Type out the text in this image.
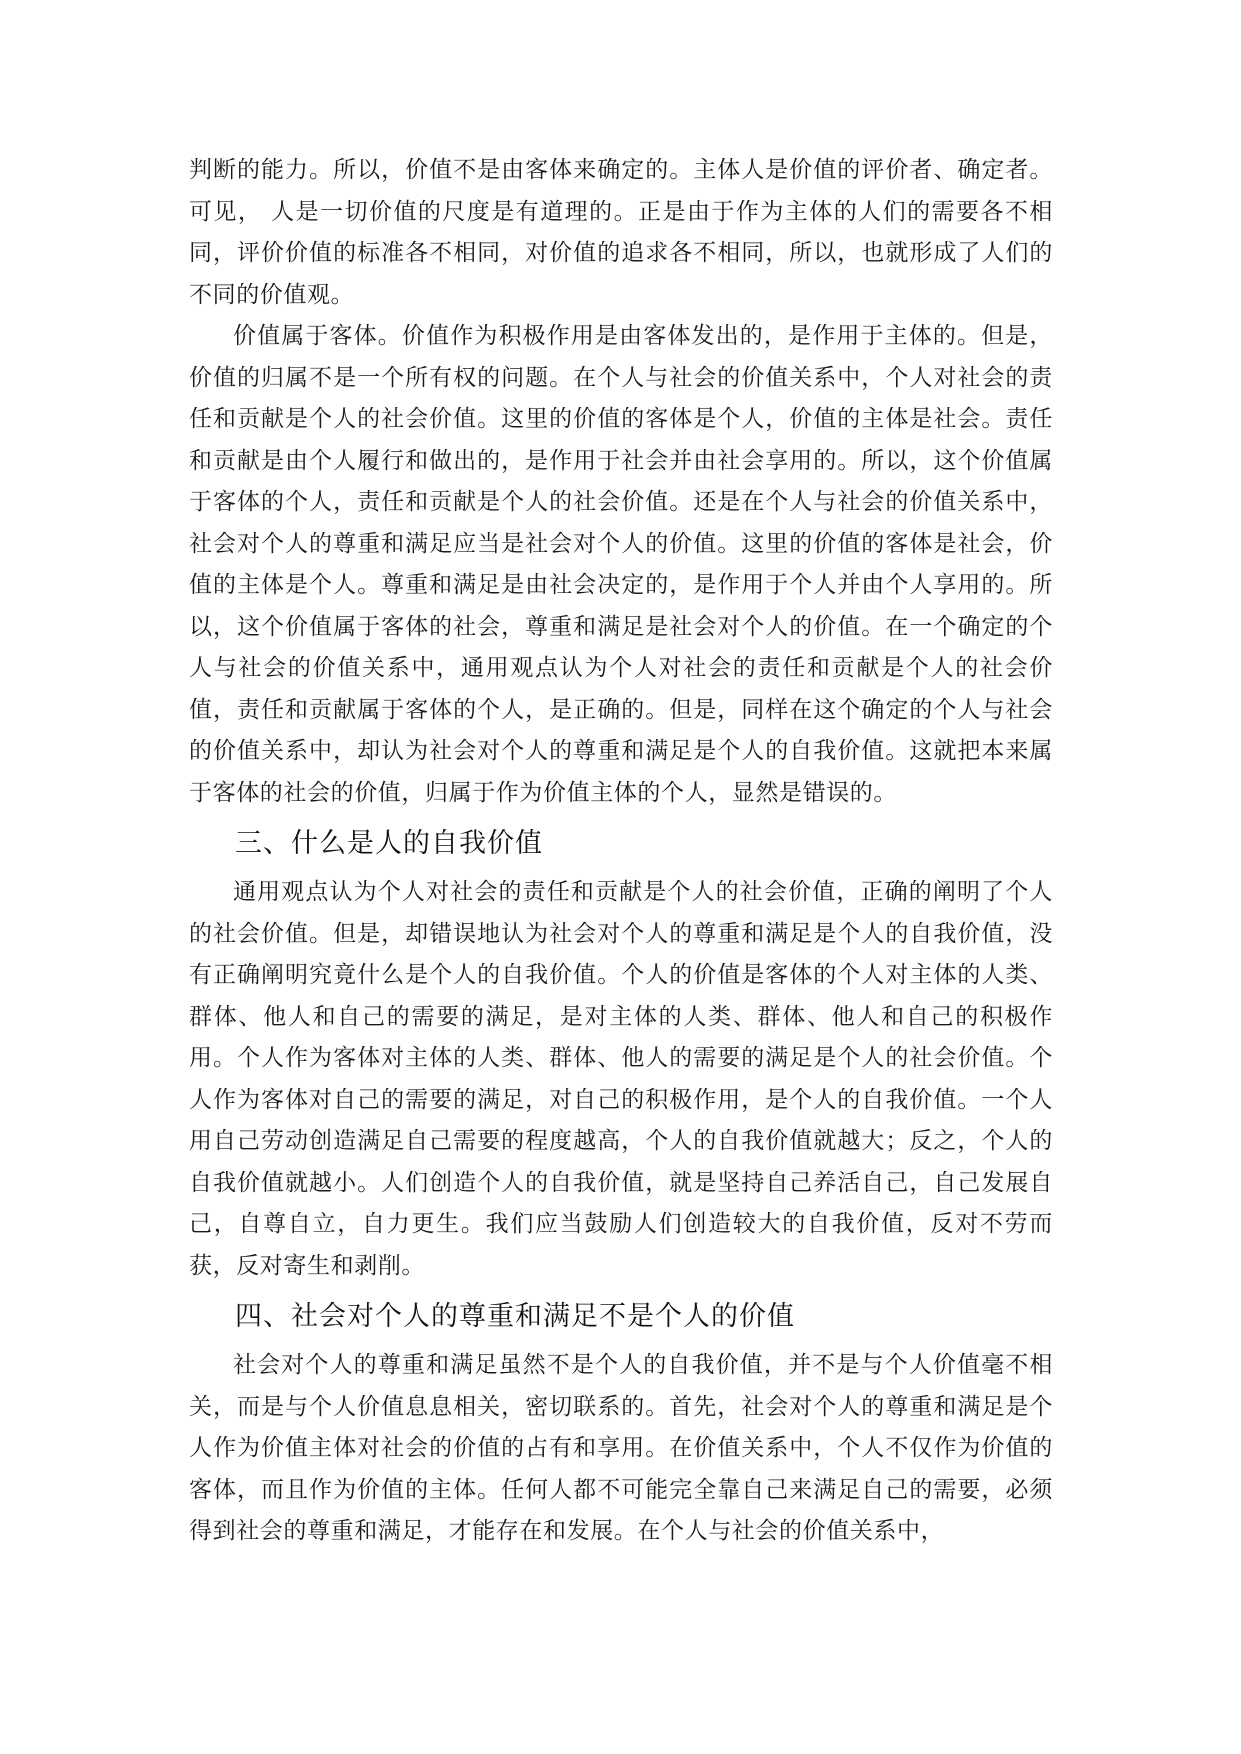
判断的能力。所以，价值不是由客体来确定的。主体人是价值的评价者、确定者。可见， 人是一切价值的尺度是有道理的。正是由于作为主体的人们的需要各不相同，评价价值的标准各不相同，对价值的追求各不相同，所以，也就形成了人们的不同的价值观。

价值属于客体。价值作为积极作用是由客体发出的，是作用于主体的。但是，价值的归属不是一个所有权的问题。在个人与社会的价值关系中，个人对社会的责任和贡献是个人的社会价值。这里的价值的客体是个人，价值的主体是社会。责任和贡献是由个人履行和做出的，是作用于社会并由社会享用的。所以，这个价值属于客体的个人，责任和贡献是个人的社会价值。还是在个人与社会的价值关系中，社会对个人的尊重和满足应当是社会对个人的价值。这里的价值的客体是社会，价值的主体是个人。尊重和满足是由社会决定的，是作用于个人并由个人享用的。所以，这个价值属于客体的社会，尊重和满足是社会对个人的价值。在一个确定的个人与社会的价值关系中，通用观点认为个人对社会的责任和贡献是个人的社会价值，责任和贡献属于客体的个人，是正确的。但是，同样在这个确定的个人与社会的价值关系中，却认为社会对个人的尊重和满足是个人的自我价值。这就把本来属于客体的社会的价值，归属于作为价值主体的个人，显然是错误的。

三、什么是人的自我价值

通用观点认为个人对社会的责任和贡献是个人的社会价值，正确的阐明了个人的社会价值。但是，却错误地认为社会对个人的尊重和满足是个人的自我价值，没有正确阐明究竟什么是个人的自我价值。个人的价值是客体的个人对主体的人类、群体、他人和自己的需要的满足，是对主体的人类、群体、他人和自己的积极作用。个人作为客体对主体的人类、群体、他人的需要的满足是个人的社会价值。个人作为客体对自己的需要的满足，对自己的积极作用，是个人的自我价值。一个人用自己劳动创造满足自己需要的程度越高，个人的自我价值就越大；反之，个人的自我价值就越小。人们创造个人的自我价值，就是坚持自己养活自己，自己发展自己，自尊自立，自力更生。我们应当鼓励人们创造较大的自我价值，反对不劳而获，反对寄生和剥削。

四、社会对个人的尊重和满足不是个人的价值

社会对个人的尊重和满足虽然不是个人的自我价值，并不是与个人价值毫不相关，而是与个人价值息息相关，密切联系的。首先，社会对个人的尊重和满足是个人作为价值主体对社会的价值的占有和享用。在价值关系中，个人不仅作为价值的客体，而且作为价值的主体。任何人都不可能完全靠自己来满足自己的需要，必须得到社会的尊重和满足，才能存在和发展。在个人与社会的价值关系中，
